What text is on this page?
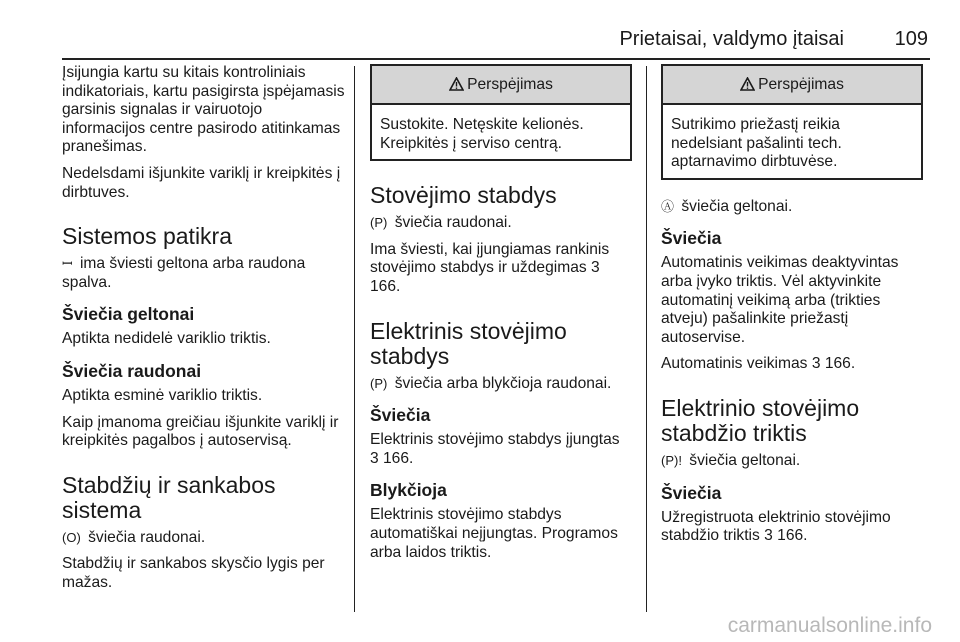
Prietaisai, valdymo įtaisai	109

Įsijungia kartu su kitais kontroliniais indikatoriais, kartu pasigirsta įspėjamasis garsinis signalas ir vairuotojo informacijos centre pasirodo atitinkamas pranešimas.

Nedelsdami išjunkite variklį ir kreipkitės į dirbtuves.

Sistemos patikra

ꟷ ima šviesti geltona arba raudona spalva.

Šviečia geltonai

Aptikta nedidelė variklio triktis.

Šviečia raudonai

Aptikta esminė variklio triktis.

Kaip įmanoma greičiau išjunkite variklį ir kreipkitės pagalbos į autoservisą.

Stabdžių ir sankabos sistema

(O) šviečia raudonai.

Stabdžių ir sankabos skysčio lygis per mažas.

Perspėjimas

Sustokite. Netęskite kelionės. Kreipkitės į serviso centrą.

Stovėjimo stabdys

(P) šviečia raudonai.

Ima šviesti, kai įjungiamas rankinis stovėjimo stabdys ir uždegimas 3 166.

Elektrinis stovėjimo stabdys

(P) šviečia arba blykčioja raudonai.

Šviečia

Elektrinis stovėjimo stabdys įjungtas 3 166.

Blykčioja

Elektrinis stovėjimo stabdys automatiškai neįjungtas. Programos arba laidos triktis.

Perspėjimas

Sutrikimo priežastį reikia nedelsiant pašalinti tech. aptarnavimo dirbtuvėse.

Ⓐ šviečia geltonai.

Šviečia

Automatinis veikimas deaktyvintas arba įvyko triktis. Vėl aktyvinkite automatinį veikimą arba (trikties atveju) pašalinkite priežastį autoservise.

Automatinis veikimas 3 166.

Elektrinio stovėjimo stabdžio triktis

(P)! šviečia geltonai.

Šviečia

Užregistruota elektrinio stovėjimo stabdžio triktis 3 166.

carmanualsonline.info
